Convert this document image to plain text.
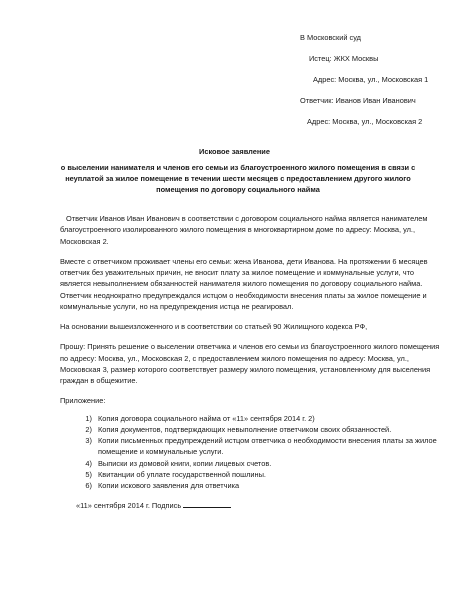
В Московский суд
Истец: ЖКХ Москвы
Адрес: Москва, ул., Московская 1
Ответчик: Иванов Иван Иванович
Адрес: Москва, ул., Московская 2
Исковое заявление
о выселении нанимателя и членов его семьи из благоустроенного жилого помещения в связи с неуплатой за жилое помещение в течении шести месяцев с предоставлением другого жилого помещения по договору социального найма

Ответчик Иванов Иван Иванович в соответствии с договором социального найма является нанимателем благоустроенного изолированного жилого помещения в многоквартирном доме по адресу: Москва, ул., Московская 2.

Вместе с ответчиком проживает члены его семьи: жена Иванова, дети Иванова. На протяжении 6 месяцев ответчик без уважительных причин, не вносит плату за жилое помещение и коммунальные услуги, что является невыполнением обязанностей нанимателя жилого помещения по договору социального найма. Ответчик неоднократно предупреждался истцом о необходимости внесения платы за жилое помещение и коммунальные услуги, но на предупреждения истца не реагировал.

На основании вышеизложенного и в соответствии со статьей 90 Жилищного кодекса РФ,

Прошу: Принять решение о выселении ответчика и членов его семьи из благоустроенного жилого помещения по адресу: Москва, ул., Московская 2, с предоставлением жилого помещения по адресу: Москва, ул., Московская 3, размер которого соответствует размеру жилого помещения, установленному для выселения граждан в общежитие.

Приложение:
1) Копия договора социального найма от «11» сентября 2014 г. 2)
2) Копия документов, подтверждающих невыполнение ответчиком своих обязанностей.
3) Копии письменных предупреждений истцом ответчика о необходимости внесения платы за жилое помещение и коммунальные услуги.
4) Выписки из домовой книги, копии лицевых счетов.
5) Квитанции об уплате государственной пошлины.
6) Копии искового заявления для ответчика
«11» сентября 2014 г. Подпись
